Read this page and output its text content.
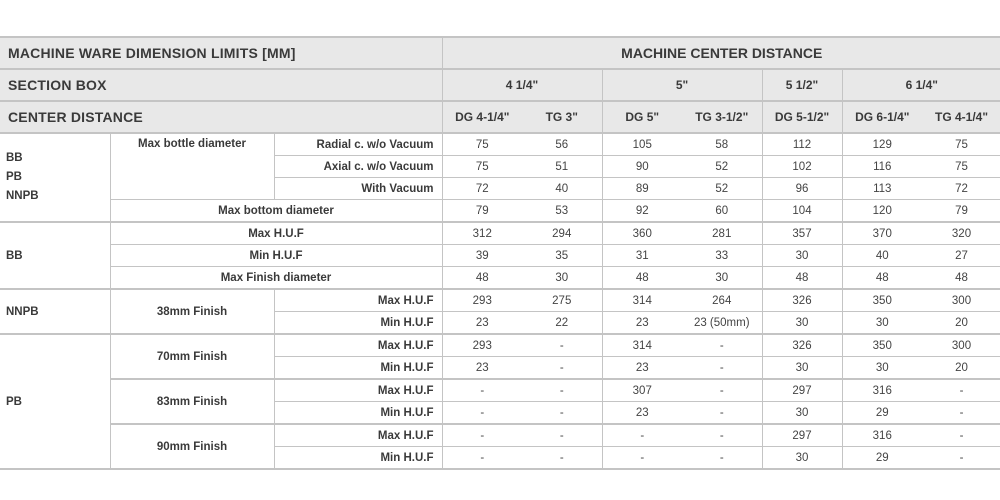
MACHINE WARE DIMENSION LIMITS [MM]			MACHINE CENTER DISTANCE						
SECTION BOX			4 1/4"		5"		5 1/2"	6 1/4"	
CENTER DISTANCE			DG 4-1/4"	TG 3"	DG 5"	TG 3-1/2"	DG 5-1/2"	DG 6-1/4"	TG 4-1/4"

BB
PB
NNPB	Max bottle diameter	Radial c. w/o Vacuum	75	56	105	58	112	129	75
		Axial c. w/o Vacuum	75	51	90	52	102	116	75
		With Vacuum	72	40	89	52	96	113	72
	Max bottom diameter		79	53	92	60	104	120	79
BB	Max H.U.F		312	294	360	281	357	370	320
	Min H.U.F		39	35	31	33	30	40	27
	Max Finish diameter		48	30	48	30	48	48	48
NNPB	38mm Finish	Max H.U.F	293	275	314	264	326	350	300
		Min H.U.F	23	22	23	23 (50mm)	30	30	20
PB	70mm Finish	Max H.U.F	293	-	314	-	326	350	300
		Min H.U.F	23	-	23	-	30	30	20
	83mm Finish	Max H.U.F	-	-	307	-	297	316	-
		Min H.U.F	-	-	23	-	30	29	-
	90mm Finish	Max H.U.F	-	-	-	-	297	316	-
		Min H.U.F	-	-	-	-	30	29	-
